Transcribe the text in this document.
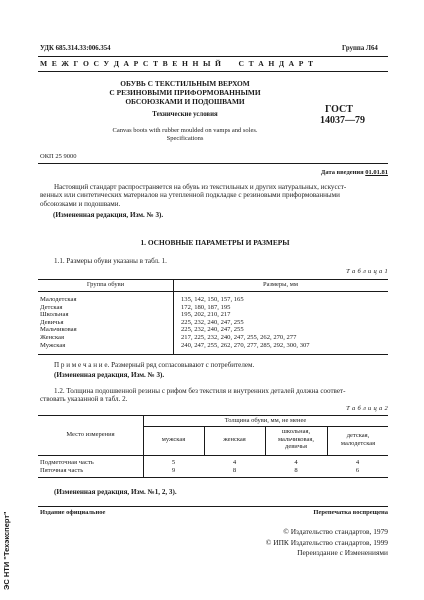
УДК 685.314.33:006.354	Группа Л64
М Е Ж Г О С У Д А Р С Т В Е Н Н Ы Й     С Т А Н Д А Р Т
ОБУВЬ С ТЕКСТИЛЬНЫМ ВЕРХОМ
С РЕЗИНОВЫМИ ПРИФОРМОВАННЫМИ
ОБСОЮЗКАМИ И ПОДОШВАМИ
Технические условия
Canvas boots with rubber moulded on vamps and soles.
Specifications
ГОСТ
14037—79
ОКП 25 9000
Дата введения 01.01.81
Настоящий стандарт распространяется на обувь из текстильных и других натуральных, искусст-
венных или синтетических материалов на утепленной подкладке с резиновыми приформованными
обсоюзками и подошвами.
(Измененная редакция, Изм. № 3).
1. ОСНОВНЫЕ ПАРАМЕТРЫ И РАЗМЕРЫ
1.1. Размеры обуви указаны в табл. 1.
Т а б л и ц а 1
Группа обуви	Размеры, мм
Малодетская	135, 142, 150, 157, 165
Детская	172, 180, 187, 195
Школьная	195, 202, 210, 217
Девичья	225, 232, 240, 247, 255
Мальчиковая	225, 232, 240, 247, 255
Женская	217, 225, 232, 240, 247, 255, 262, 270, 277
Мужская	240, 247, 255, 262, 270, 277, 285, 292, 300, 307
П р и м е ч а н и е. Размерный ряд согласовывают с потребителем.
(Измененная редакция, Изм. № 3).
1.2. Толщина подошвенной резины с рифом без текстиля и внутренних деталей должна соответ-
ствовать указанной в табл. 2.
Т а б л и ц а 2
Толщина обуви, мм, не менее
Место измерения
мужская	женская
школьная, мальчиковая, девичья
детская, малодетская
Подметочная часть	5	4	4	4
Пяточная часть	9	8	8	6
(Измененная редакция, Изм. №1, 2, 3).
Издание официальное	Перепечатка воспрещена
© Издательство стандартов, 1979
© ИПК Издательство стандартов, 1999
Переиздание с Изменениями
ЭС НТИ "Техэксперт"
